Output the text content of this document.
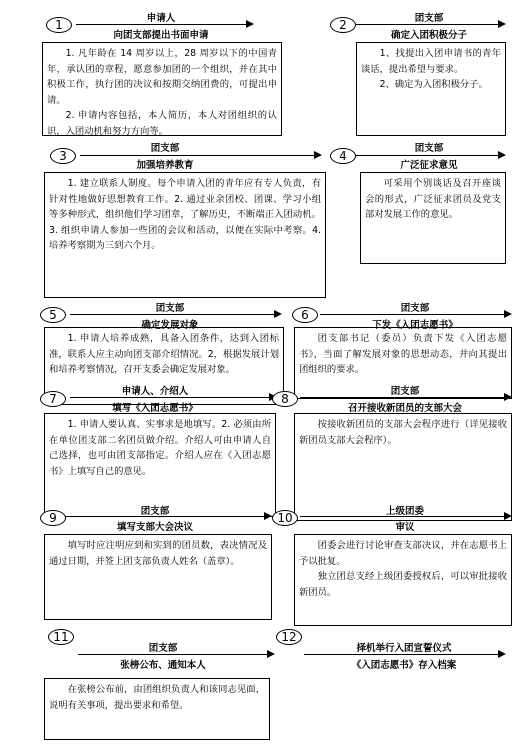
1	申请人
向团支部提出书面申请

1. 凡年龄在 14 周岁以上，28 周岁以下的中国青年，承认团的章程，愿意参加团的一个组织，并在其中积极工作，执行团的决议和按期交纳团费的，可提出申请。

2. 申请内容包括，本人简历，本人对团组织的认识，入团动机和努力方向等。

2	团支部
确定入团积极分子

1、找提出入团申请书的青年谈话，提出希望与要求。

2、确定为入团积极分子。

3
团支部
加强培养教育

1. 建立联系人制度。每个申请入团的青年应有专人负责，有针对性地做好思想教育工作。2. 通过业余团校、团课、学习小组等多种形式，组织他们学习团章，了解历史，不断端正入团动机。3. 组织申请人参加一些团的会议和活动，以便在实际中考察。4. 培养考察期为三到六个月。

4
团支部
广泛征求意见

可采用个别谈话及召开座谈会的形式，广泛征求团员及党支部对发展工作的意见。

5	团支部
确定发展对象

1. 申请人培养成熟，具备入团条件，达到入团标准，联系人应主动向团支部介绍情况。2，根据发展计划和培养考察情况，召开支委会确定发展对象。

6	团支部
下发《入团志愿书》

团支部书记（委员）负责下发《入团志愿书》，当面了解发展对象的思想动态，并向其提出团组织的要求。

7
申请人、介绍人
填写《入团志愿书》

1. 申请人要认真、实事求是地填写。2. 必须由所在单位团支部二名团员做介绍。介绍人可由申请人自己选择，也可由团支部指定。介绍人应在《入团志愿书》上填写自己的意见。

8
团支部
召开接收新团员的支部大会

按接收新团员的支部大会程序进行（详见接收新团员支部大会程序）。

9	团支部
填写支部大会决议

填写时应注明应到和实到的团员数，表决情况及通过日期，并签上团支部负责人姓名（盖章）。

10	上级团委
审议

团委会进行讨论审查支部决议，并在志愿书上予以批复。

独立团总支经上级团委授权后，可以审批接收新团员。

11
团支部
张榜公布、通知本人

在张榜公布前，由团组织负责人和该同志见面，说明有关事项，提出要求和希望。

12
择机举行入团宣誓仪式
《入团志愿书》存入档案
